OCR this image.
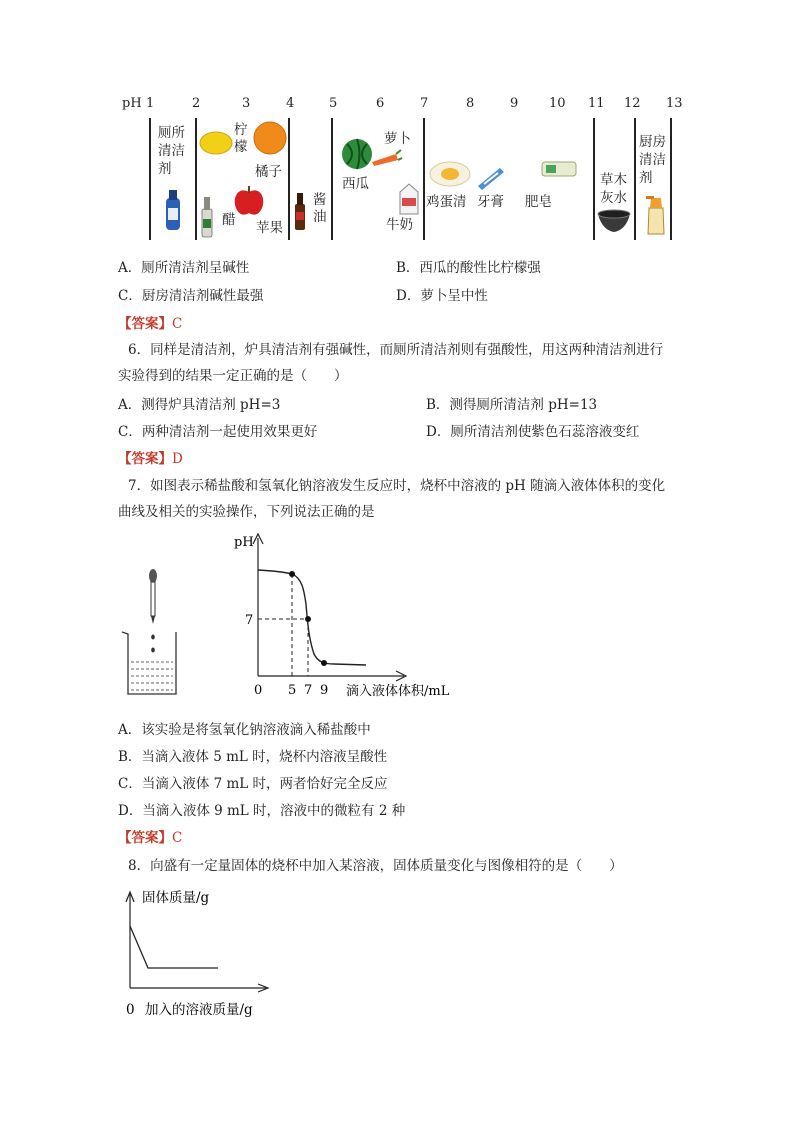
pH 1	2	3	4	5	6	7	8	9 10 11 12 13
厕所清洁剂
柠檬
橘子
醋 苹果
酱油
西瓜
萝卜
牛奶
鸡蛋清 牙膏 肥皂
草木灰水
厨房清洁剂
A．厕所清洁剂呈碱性	B．西瓜的酸性比柠檬强
C．厨房清洁剂碱性最强	D．萝卜呈中性
【答案】C
6．同样是清洁剂，炉具清洁剂有强碱性，而厕所清洁剂则有强酸性，用这两种清洁剂进行
实验得到的结果一定正确的是（　　）
A．测得炉具清洁剂 pH=3	B．测得厕所清洁剂 pH=13
C．两种清洁剂一起使用效果更好	D．厕所清洁剂使紫色石蕊溶液变红
【答案】D
7．如图表示稀盐酸和氢氧化钠溶液发生反应时，烧杯中溶液的 pH 随滴入液体体积的变化
曲线及相关的实验操作，下列说法正确的是
pH
7
0 5 7 9 滴入液体体积/mL
A．该实验是将氢氧化钠溶液滴入稀盐酸中
B．当滴入液体 5 mL 时，烧杯内溶液呈酸性
C．当滴入液体 7 mL 时，两者恰好完全反应
D．当滴入液体 9 mL 时，溶液中的微粒有 2 种
【答案】C
8．向盛有一定量固体的烧杯中加入某溶液，固体质量变化与图像相符的是（　　）
固体质量/g
0 加入的溶液质量/g
